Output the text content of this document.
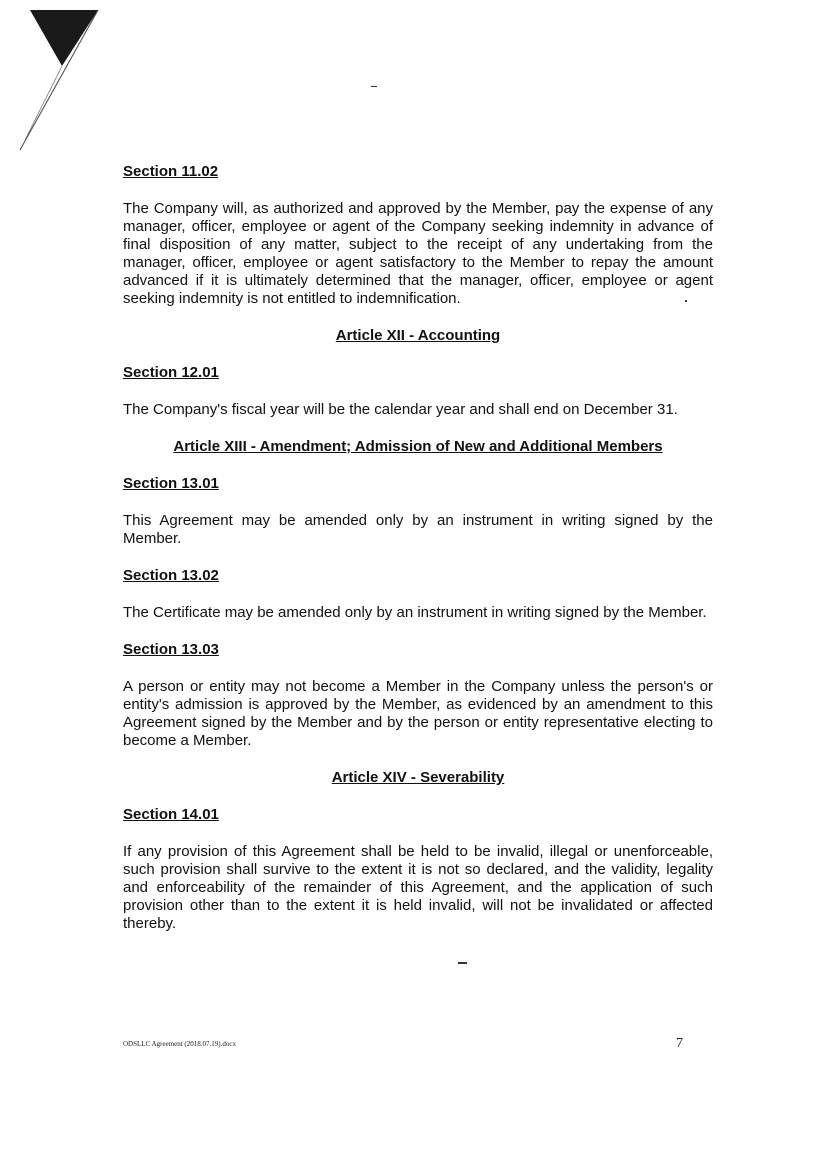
Section 11.02
The Company will, as authorized and approved by the Member, pay the expense of any manager, officer, employee or agent of the Company seeking indemnity in advance of final disposition of any matter, subject to the receipt of any undertaking from the manager, officer, employee or agent satisfactory to the Member to repay the amount advanced if it is ultimately determined that the manager, officer, employee or agent seeking indemnity is not entitled to indemnification.
Article XII - Accounting
Section 12.01
The Company's fiscal year will be the calendar year and shall end on December 31.
Article XIII - Amendment; Admission of New and Additional Members
Section 13.01
This Agreement may be amended only by an instrument in writing signed by the Member.
Section 13.02
The Certificate may be amended only by an instrument in writing signed by the Member.
Section 13.03
A person or entity may not become a Member in the Company unless the person's or entity's admission is approved by the Member, as evidenced by an amendment to this Agreement signed by the Member and by the person or entity representative electing to become a Member.
Article XIV - Severability
Section 14.01
If any provision of this Agreement shall be held to be invalid, illegal or unenforceable, such provision shall survive to the extent it is not so declared, and the validity, legality and enforceability of the remainder of this Agreement, and the application of such provision other than to the extent it is held invalid, will not be invalidated or affected thereby.
ODSLLC Agreement (2018.07.19).docx	7
